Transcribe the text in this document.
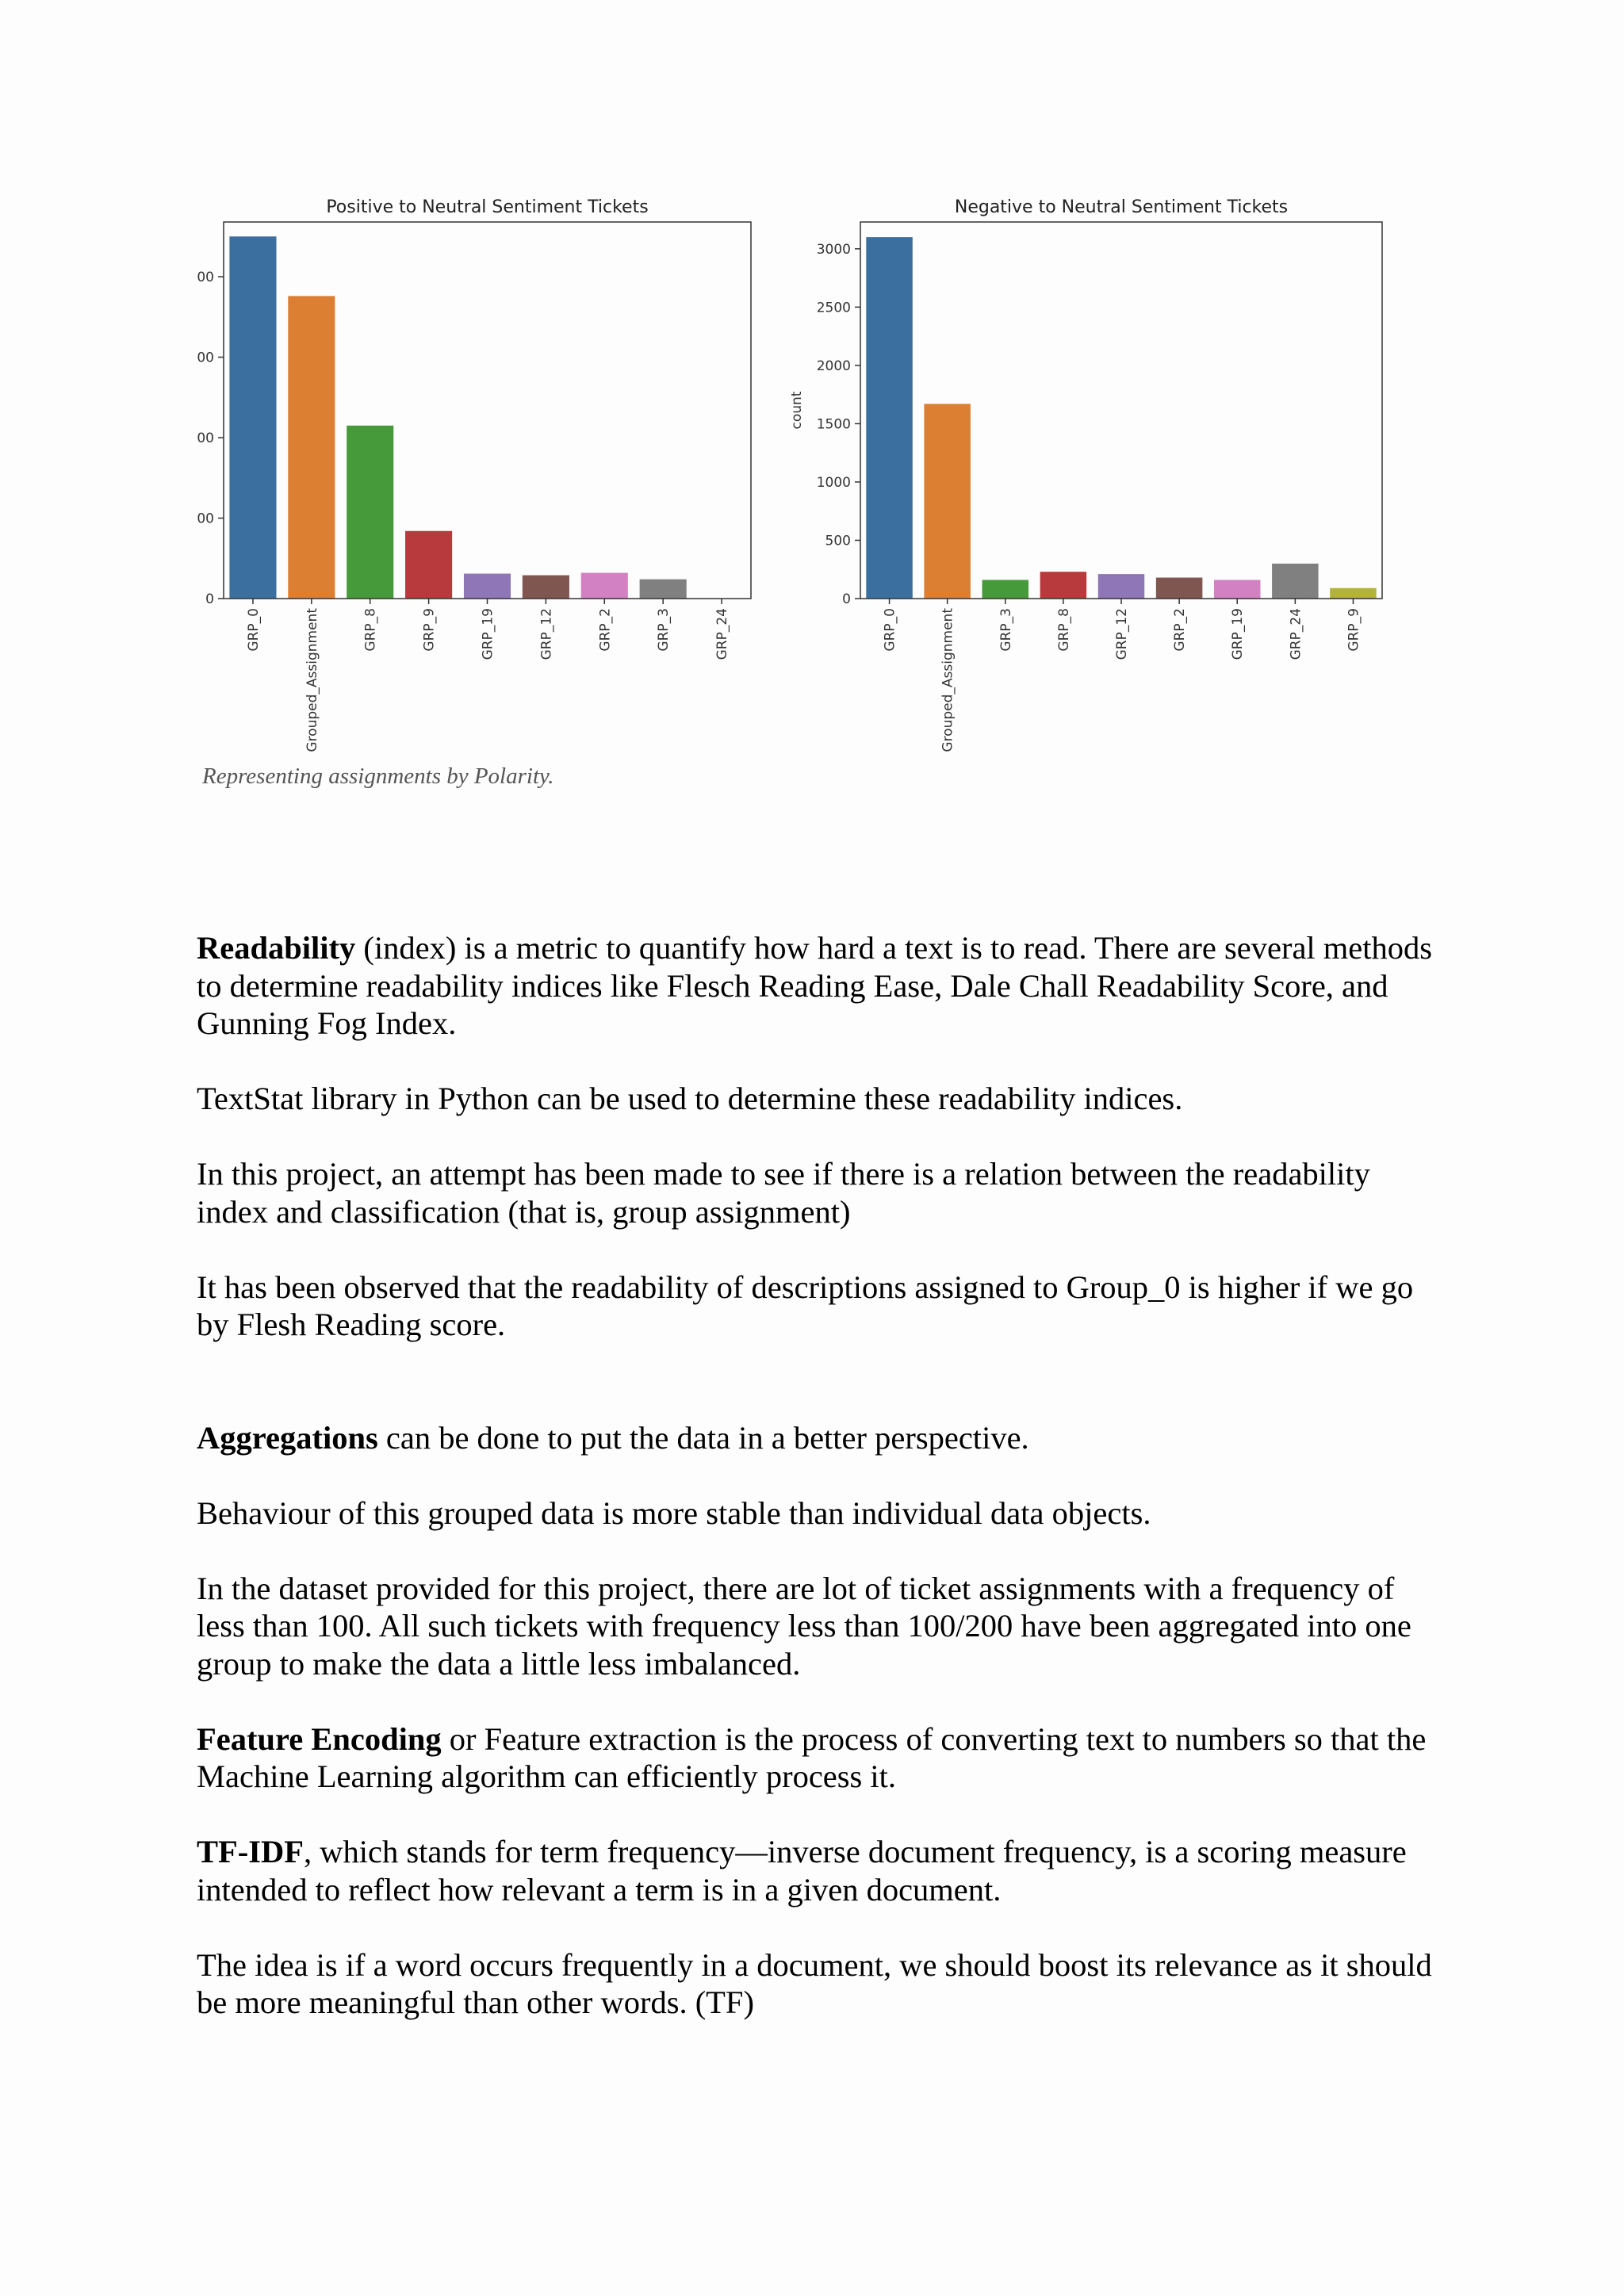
Positive to Neutral Sentiment Tickets
0
00
00
00
00
GRP_0	Grouped_Assignment	GRP_8	GRP_9	GRP_19	GRP_12	GRP_2	GRP_3	GRP_24
Negative to Neutral Sentiment Tickets
0
500
1000
1500
2000
2500
3000
count
GRP_0	Grouped_Assignment	GRP_3	GRP_8	GRP_12	GRP_2	GRP_19	GRP_24	GRP_9
Representing assignments by Polarity.

Readability (index) is a metric to quantify how hard a text is to read. There are several methods to determine readability indices like Flesch Reading Ease, Dale Chall Readability Score, and Gunning Fog Index.

TextStat library in Python can be used to determine these readability indices.

In this project, an attempt has been made to see if there is a relation between the readability index and classification (that is, group assignment)

It has been observed that the readability of descriptions assigned to Group_0 is higher if we go by Flesh Reading score.

Aggregations can be done to put the data in a better perspective.

Behaviour of this grouped data is more stable than individual data objects.

In the dataset provided for this project, there are lot of ticket assignments with a frequency of less than 100. All such tickets with frequency less than 100/200 have been aggregated into one group to make the data a little less imbalanced.

Feature Encoding or Feature extraction is the process of converting text to numbers so that the Machine Learning algorithm can efficiently process it.

TF-IDF, which stands for term frequency—inverse document frequency, is a scoring measure intended to reflect how relevant a term is in a given document.

The idea is if a word occurs frequently in a document, we should boost its relevance as it should be more meaningful than other words. (TF)
